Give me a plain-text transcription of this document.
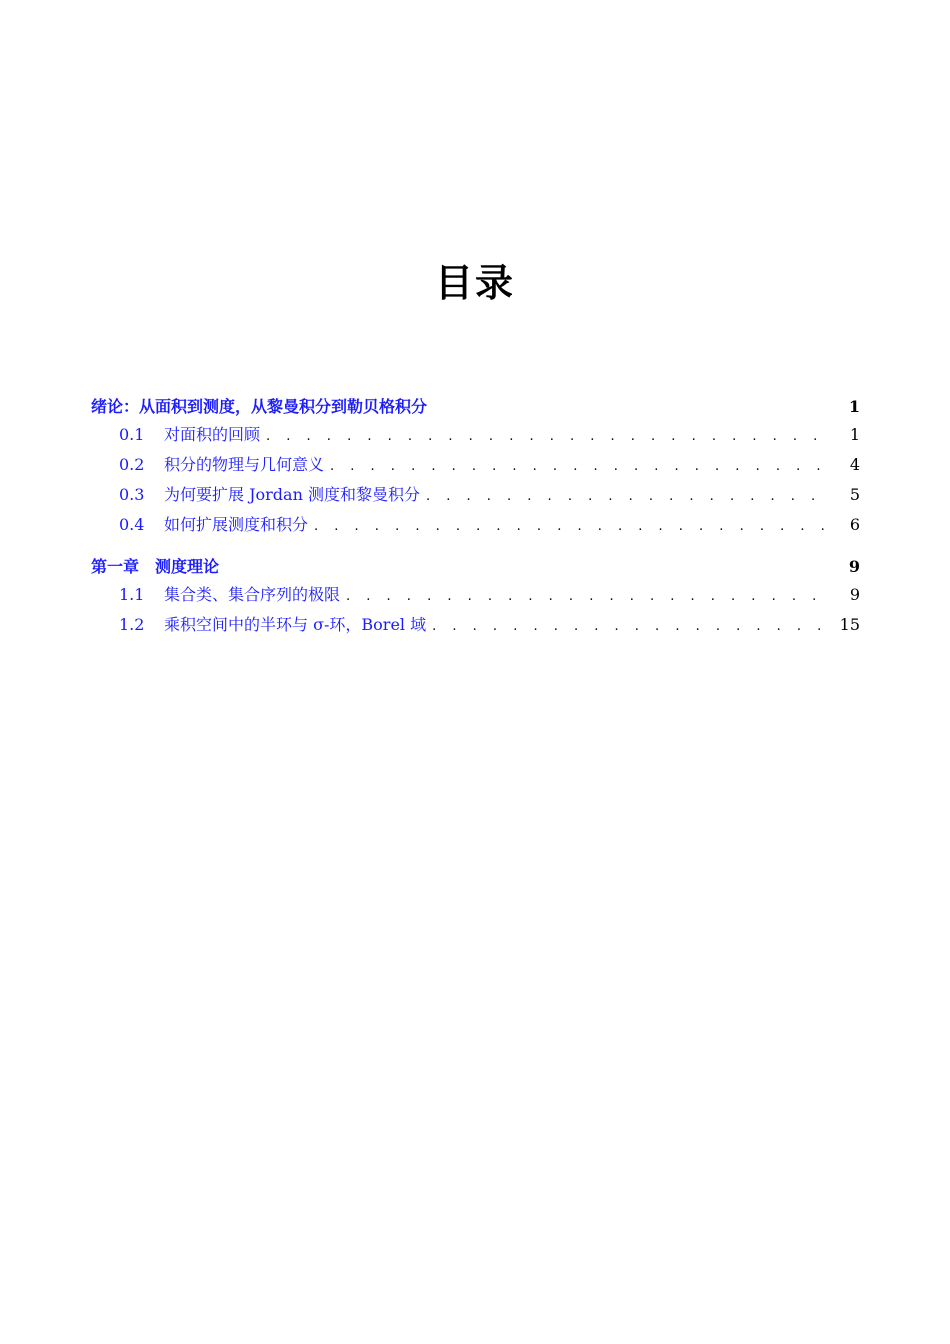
目录
绪论：从面积到测度，从黎曼积分到勒贝格积分	1
0.1	对面积的回顾 . . .	1
0.2	积分的物理与几何意义 . . .	4
0.3	为何要扩展 Jordan 测度和黎曼积分 . . .	5
0.4	如何扩展测度和积分 . . .	6
第一章　测度理论	9
1.1	集合类、集合序列的极限 . . .	9
1.2	乘积空间中的半环与 σ-环，Borel 域 . . .	15
